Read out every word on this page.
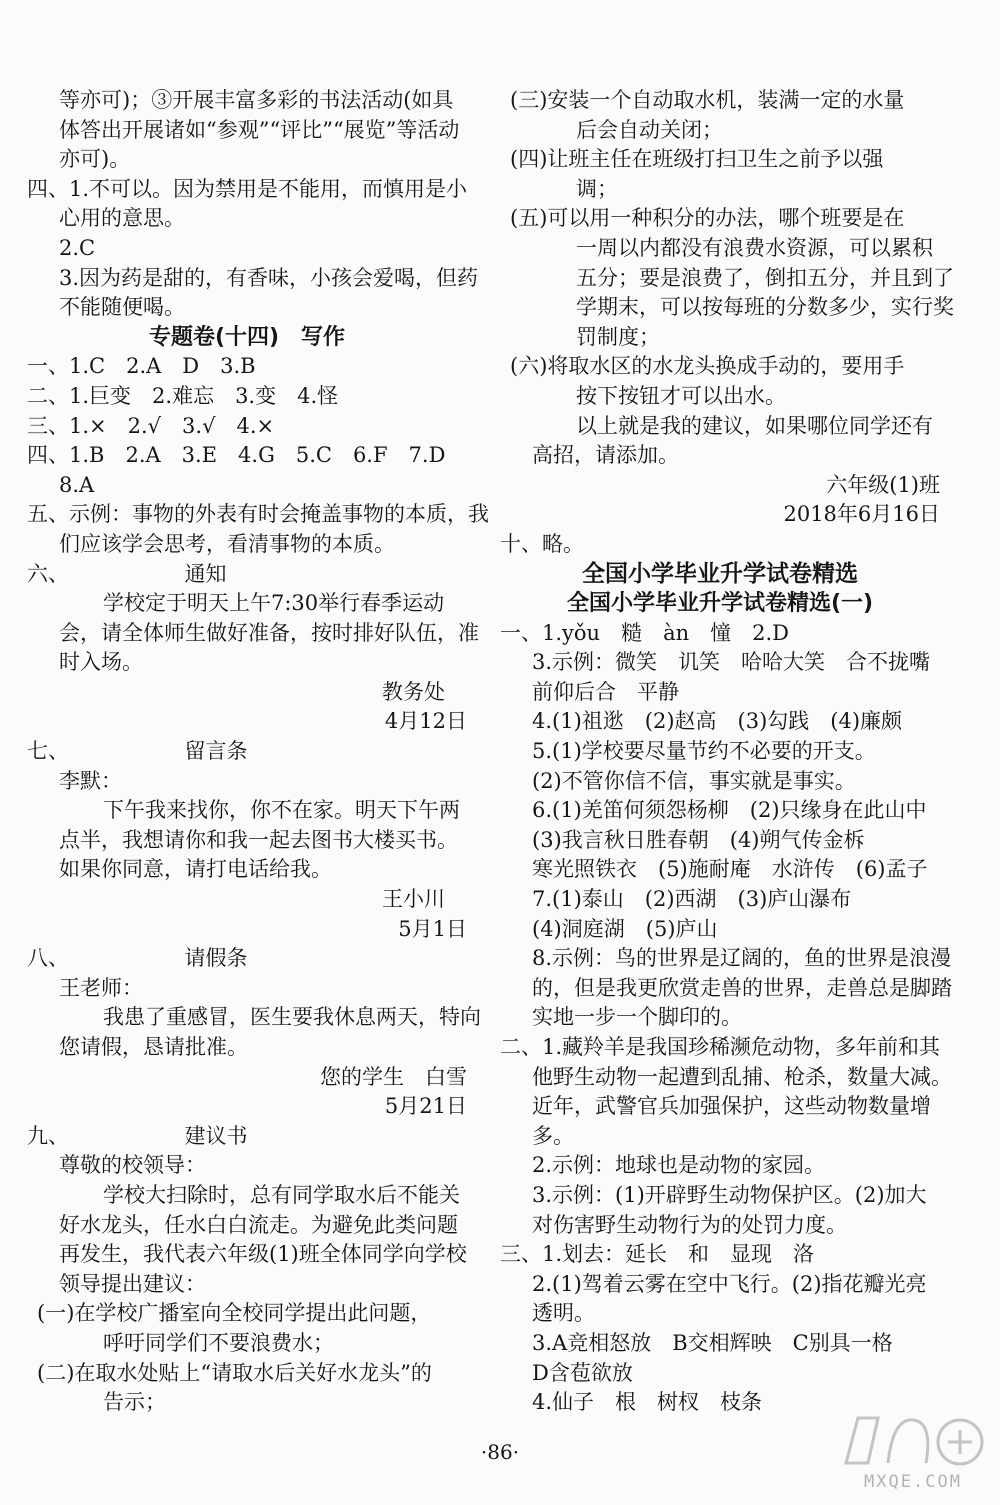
等亦可)；③开展丰富多彩的书法活动(如具
体答出开展诸如“参观”“评比”“展览”等活动
亦可)。
四、1.不可以。因为禁用是不能用，而慎用是小
心用的意思。
2.C
3.因为药是甜的，有香味，小孩会爱喝，但药
不能随便喝。
专题卷(十四)　写作
一、1.C　2.A　D　3.B
二、1.巨变　2.难忘　3.变　4.怪
三、1.×　2.√　3.√　4.×
四、1.B　2.A　3.E　4.G　5.C　6.F　7.D
8.A
五、示例：事物的外表有时会掩盖事物的本质，我
们应该学会思考，看清事物的本质。
六、　　　　　　通知
学校定于明天上午7:30举行春季运动
会，请全体师生做好准备，按时排好队伍，准
时入场。
教务处
4月12日
七、　　　　　　留言条
李默：
下午我来找你，你不在家。明天下午两
点半，我想请你和我一起去图书大楼买书。
如果你同意，请打电话给我。
王小川
5月1日
八、　　　　　　请假条
王老师：
我患了重感冒，医生要我休息两天，特向
您请假，恳请批准。
您的学生　白雪
5月21日
九、　　　　　　建议书
尊敬的校领导：
学校大扫除时，总有同学取水后不能关
好水龙头，任水白白流走。为避免此类问题
再发生，我代表六年级(1)班全体同学向学校
领导提出建议：
(一)在学校广播室向全校同学提出此问题，
呼吁同学们不要浪费水；
(二)在取水处贴上“请取水后关好水龙头”的
告示；
(三)安装一个自动取水机，装满一定的水量
后会自动关闭；
(四)让班主任在班级打扫卫生之前予以强
调；
(五)可以用一种积分的办法，哪个班要是在
一周以内都没有浪费水资源，可以累积
五分；要是浪费了，倒扣五分，并且到了
学期末，可以按每班的分数多少，实行奖
罚制度；
(六)将取水区的水龙头换成手动的，要用手
按下按钮才可以出水。
以上就是我的建议，如果哪位同学还有
高招，请添加。
六年级(1)班
2018年6月16日
十、略。
全国小学毕业升学试卷精选
全国小学毕业升学试卷精选(一)
一、1.yǒu　糙　àn　憧　2.D
3.示例：微笑　讥笑　哈哈大笑　合不拢嘴
前仰后合　平静
4.(1)祖逖　(2)赵高　(3)勾践　(4)廉颇
5.(1)学校要尽量节约不必要的开支。
(2)不管你信不信，事实就是事实。
6.(1)羌笛何须怨杨柳　(2)只缘身在此山中
(3)我言秋日胜春朝　(4)朔气传金柝
寒光照铁衣　(5)施耐庵　水浒传　(6)孟子
7.(1)泰山　(2)西湖　(3)庐山瀑布
(4)洞庭湖　(5)庐山
8.示例：鸟的世界是辽阔的，鱼的世界是浪漫
的，但是我更欣赏走兽的世界，走兽总是脚踏
实地一步一个脚印的。
二、1.藏羚羊是我国珍稀濒危动物，多年前和其
他野生动物一起遭到乱捕、枪杀，数量大减。
近年，武警官兵加强保护，这些动物数量增
多。
2.示例：地球也是动物的家园。
3.示例：(1)开辟野生动物保护区。(2)加大
对伤害野生动物行为的处罚力度。
三、1.划去：延长　和　显现　洛
2.(1)驾着云雾在空中飞行。(2)指花瓣光亮
透明。
3.A竞相怒放　B交相辉映　C别具一格
D含苞欲放
4.仙子　根　树杈　枝条
·86·
MXQE.COM
